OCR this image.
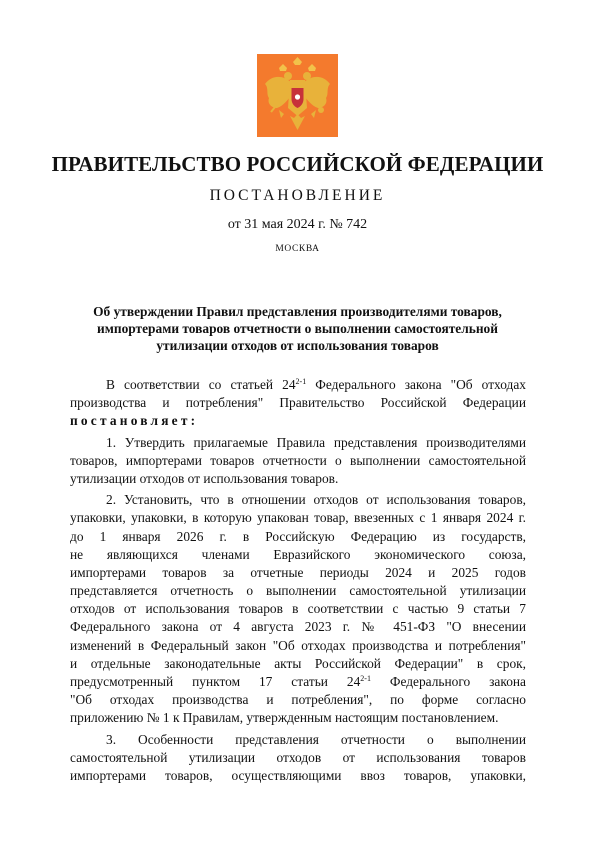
ПРАВИТЕЛЬСТВО РОССИЙСКОЙ ФЕДЕРАЦИИ
ПОСТАНОВЛЕНИЕ
от 31 мая 2024 г. № 742
МОСКВА
Об утверждении Правил представления производителями товаров,
импортерами товаров отчетности о выполнении самостоятельной
утилизации отходов от использования товаров
В соответствии со статьей 24$^{2-1}$ Федерального закона "Об отходах
производства и потребления" Правительство Российской Федерации
постановляет:
1. Утвердить прилагаемые Правила представления производителями
товаров, импортерами товаров отчетности о выполнении самостоятельной
утилизации отходов от использования товаров.
2. Установить, что в отношении отходов от использования товаров,
упаковки, упаковки, в которую упакован товар, ввезенных с 1 января 2024 г.
до 1 января 2026 г. в Российскую Федерацию из государств,
не являющихся членами Евразийского экономического союза,
импортерами товаров за отчетные периоды 2024 и 2025 годов
представляется отчетность о выполнении самостоятельной утилизации
отходов от использования товаров в соответствии с частью 9 статьи 7
Федерального закона от 4 августа 2023 г. № 451-ФЗ "О внесении
изменений в Федеральный закон "Об отходах производства и потребления"
и отдельные законодательные акты Российской Федерации" в срок,
предусмотренный пунктом 17 статьи 24$^{2-1}$ Федерального закона
"Об отходах производства и потребления", по форме согласно
приложению № 1 к Правилам, утвержденным настоящим постановлением.
3. Особенности представления отчетности о выполнении
самостоятельной утилизации отходов от использования товаров
импортерами товаров, осуществляющими ввоз товаров, упаковки,
